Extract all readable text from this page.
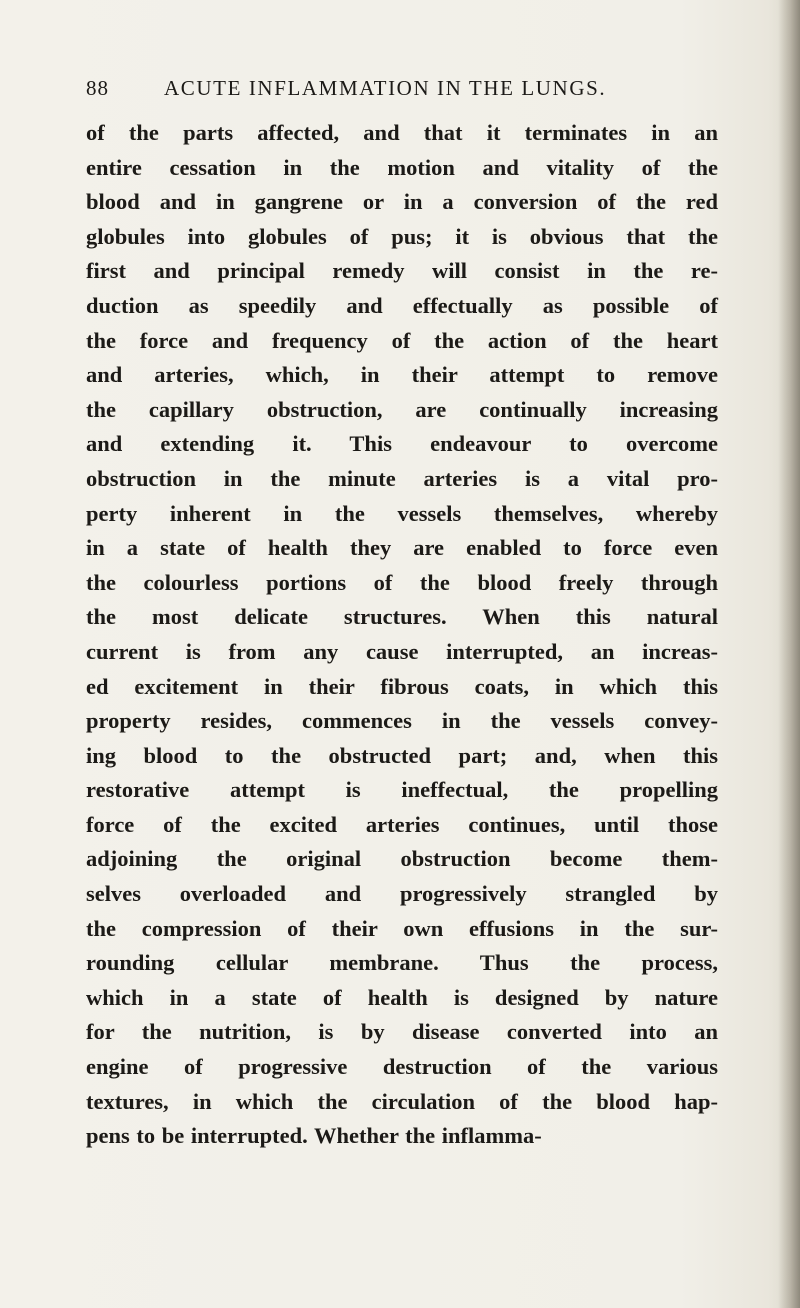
88	ACUTE INFLAMMATION IN THE LUNGS.
of the parts affected, and that it terminates in an
entire cessation in the motion and vitality of the
blood and in gangrene or in a conversion of the red
globules into globules of pus; it is obvious that the
first and principal remedy will consist in the re-
duction as speedily and effectually as possible of
the force and frequency of the action of the heart
and arteries, which, in their attempt to remove
the capillary obstruction, are continually increasing
and extending it. This endeavour to overcome
obstruction in the minute arteries is a vital pro-
perty inherent in the vessels themselves, whereby
in a state of health they are enabled to force even
the colourless portions of the blood freely through
the most delicate structures. When this natural
current is from any cause interrupted, an increas-
ed excitement in their fibrous coats, in which this
property resides, commences in the vessels convey-
ing blood to the obstructed part; and, when this
restorative attempt is ineffectual, the propelling
force of the excited arteries continues, until those
adjoining the original obstruction become them-
selves overloaded and progressively strangled by
the compression of their own effusions in the sur-
rounding cellular membrane. Thus the process,
which in a state of health is designed by nature
for the nutrition, is by disease converted into an
engine of progressive destruction of the various
textures, in which the circulation of the blood hap-
pens to be interrupted. Whether the inflamma-
